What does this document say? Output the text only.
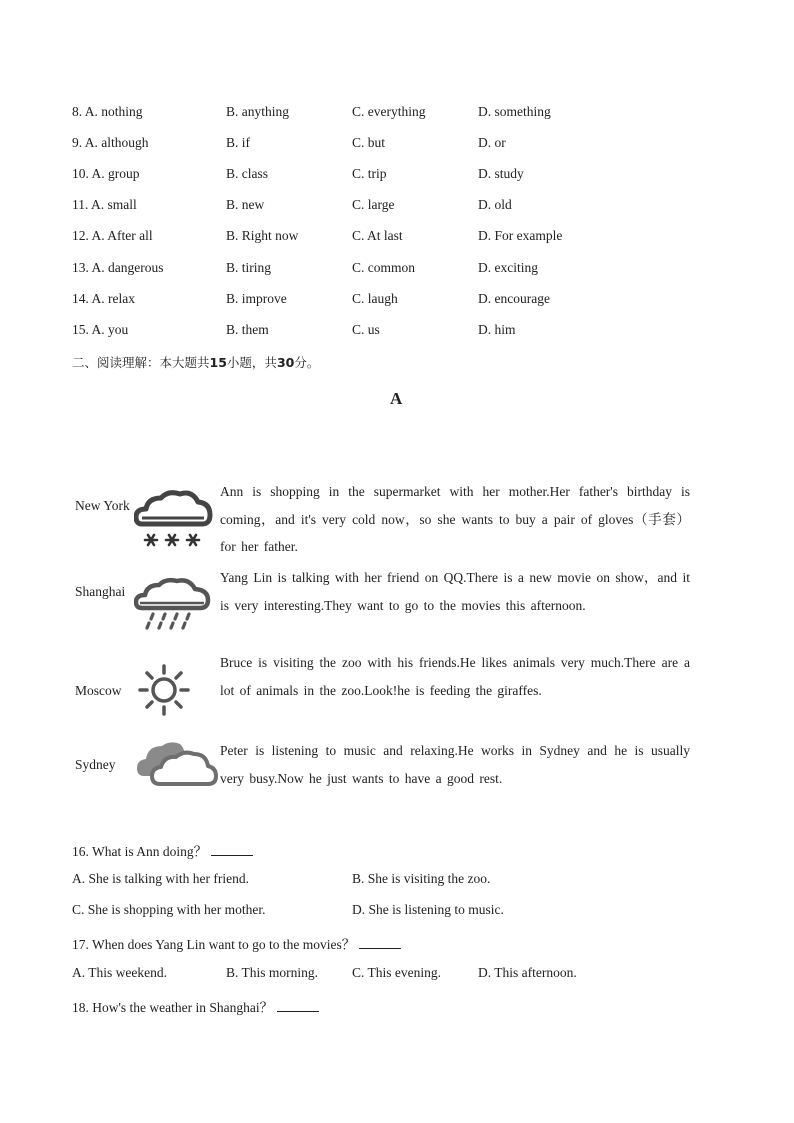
8. A. nothing	B. anything	C. everything	D. something
9. A. although	B. if	C. but	D. or
10. A. group	B. class	C. trip	D. study
11. A. small	B. new	C. large	D. old
12. A. After all	B. Right now	C. At last	D. For example
13. A. dangerous	B. tiring	C. common	D. exciting
14. A. relax	B. improve	C. laugh	D. encourage
15. A. you	B. them	C. us	D. him
二、阅读理解：本大题共15小题，共30分。
A
New York
Ann is shopping in the supermarket with her mother.Her father's birthday is coming，and it's very cold now，so she wants to buy a pair of gloves（手套） for her father.
Shanghai
Yang Lin is talking with her friend on QQ.There is a new movie on show，and it is very interesting.They want to go to the movies this afternoon.
Moscow
Bruce is visiting the zoo with his friends.He likes animals very much.There are a lot of animals in the zoo.Look!he is feeding the giraffes.
Sydney
Peter is listening to music and relaxing.He works in Sydney and he is usually very busy.Now he just wants to have a good rest.
16. What is Ann doing？
A. She is talking with her friend.	B. She is visiting the zoo.
C. She is shopping with her mother.	D. She is listening to music.
17. When does Yang Lin want to go to the movies？
A. This weekend.	B. This morning.	C. This evening.	D. This afternoon.
18. How's the weather in Shanghai？
